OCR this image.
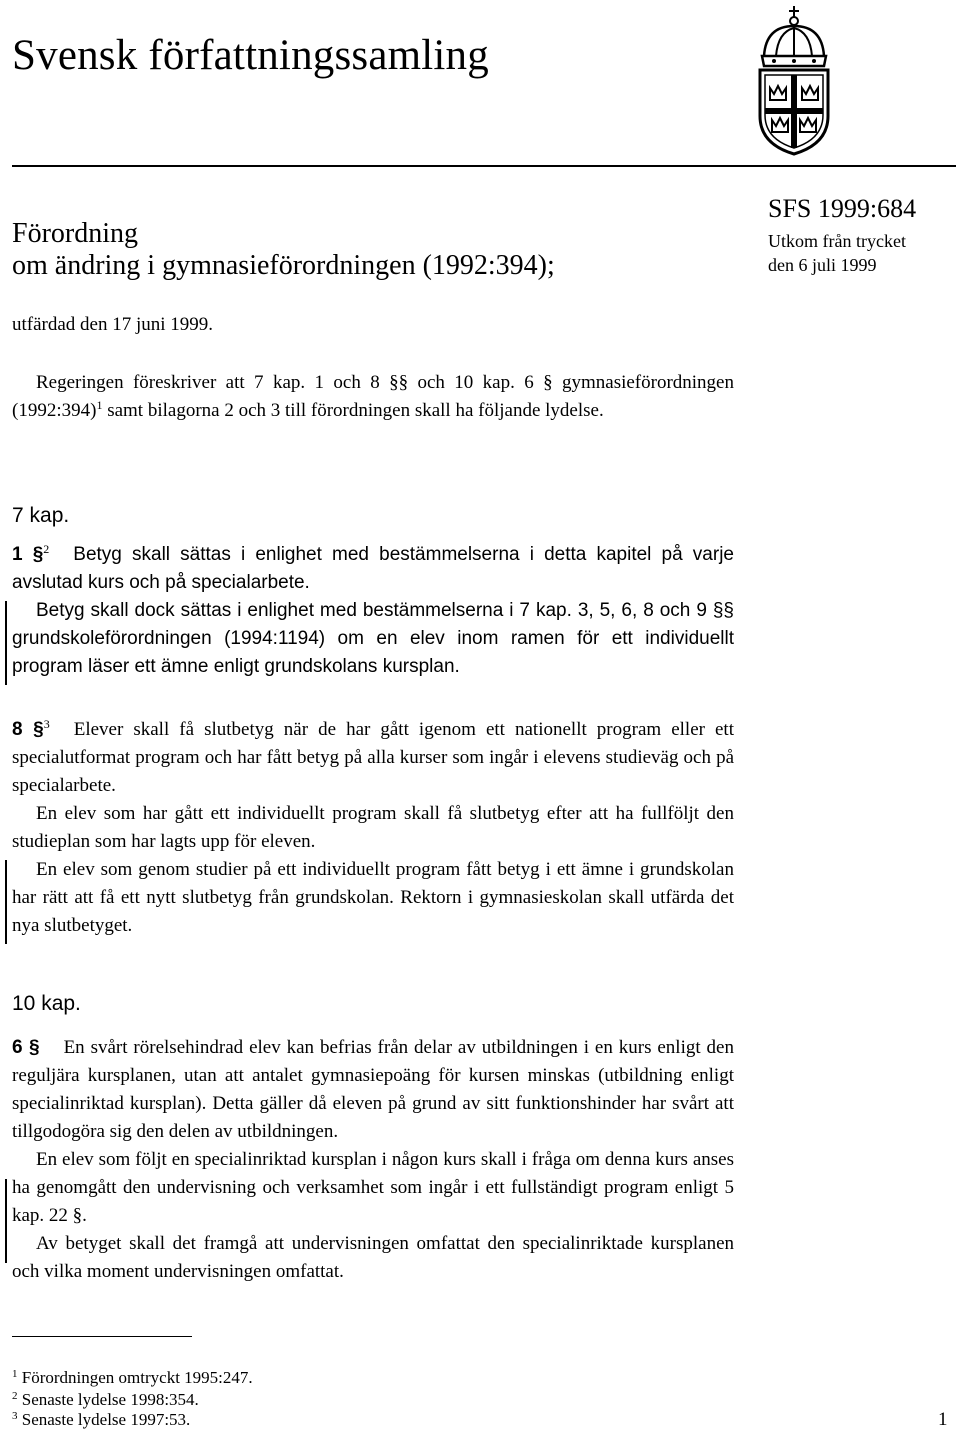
Svensk författningssamling
Förordning
om ändring i gymnasieförordningen (1992:394);
SFS 1999:684
Utkom från trycket
den 6 juli 1999
utfärdad den 17 juni 1999.

Regeringen föreskriver att 7 kap. 1 och 8 §§ och 10 kap. 6 § gymnasieförordningen (1992:394)$^1$ samt bilagorna 2 och 3 till förordningen skall ha följande lydelse.

7 kap.

1 §$^2$ Betyg skall sättas i enlighet med bestämmelserna i detta kapitel på varje avslutad kurs och på specialarbete.

Betyg skall dock sättas i enlighet med bestämmelserna i 7 kap. 3, 5, 6, 8 och 9 §§ grundskoleförordningen (1994:1194) om en elev inom ramen för ett individuellt program läser ett ämne enligt grundskolans kursplan.

8 §$^3$ Elever skall få slutbetyg när de har gått igenom ett nationellt program eller ett specialutformat program och har fått betyg på alla kurser som ingår i elevens studieväg och på specialarbete.

En elev som har gått ett individuellt program skall få slutbetyg efter att ha fullföljt den studieplan som har lagts upp för eleven.

En elev som genom studier på ett individuellt program fått betyg i ett ämne i grundskolan har rätt att få ett nytt slutbetyg från grundskolan. Rektorn i gymnasieskolan skall utfärda det nya slutbetyget.

10 kap.

6 § En svårt rörelsehindrad elev kan befrias från delar av utbildningen i en kurs enligt den reguljära kursplanen, utan att antalet gymnasiepoäng för kursen minskas (utbildning enligt specialinriktad kursplan). Detta gäller då eleven på grund av sitt funktionshinder har svårt att tillgodogöra sig den delen av utbildningen.

En elev som följt en specialinriktad kursplan i någon kurs skall i fråga om denna kurs anses ha genomgått den undervisning och verksamhet som ingår i ett fullständigt program enligt 5 kap. 22 §.

Av betyget skall det framgå att undervisningen omfattat den specialinriktade kursplanen och vilka moment undervisningen omfattat.

$^1$ Förordningen omtryckt 1995:247.
$^2$ Senaste lydelse 1998:354.
$^3$ Senaste lydelse 1997:53.	1
